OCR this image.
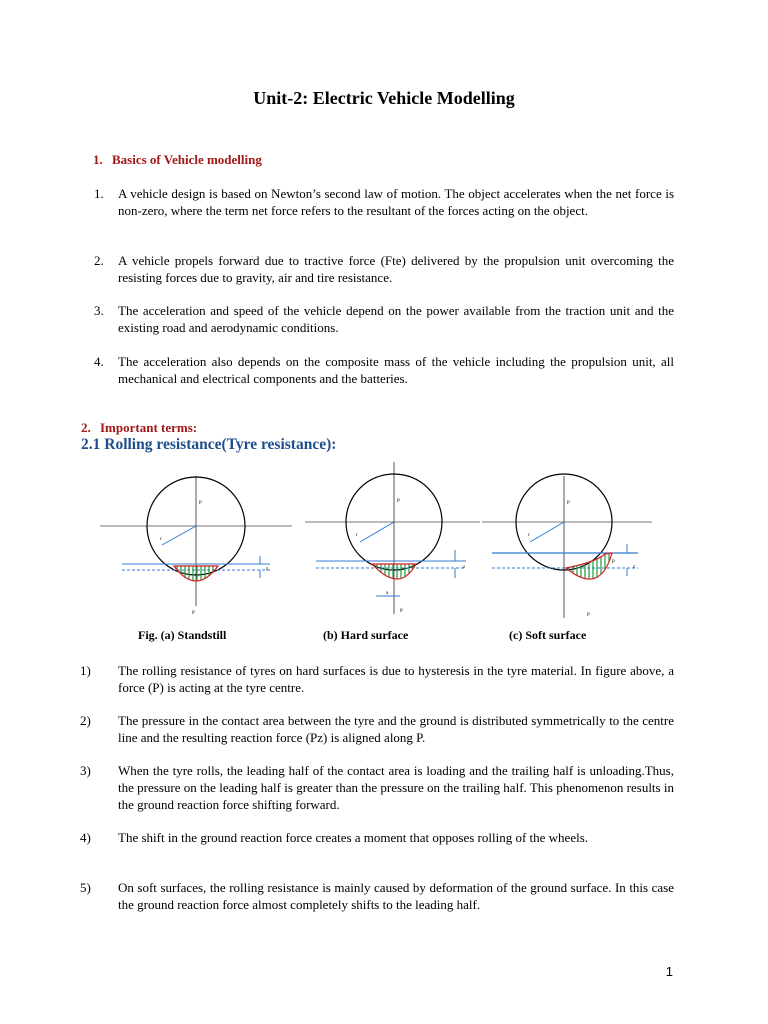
Unit-2: Electric Vehicle Modelling
1. Basics of Vehicle modelling
1.	A vehicle design is based on Newton’s second law of motion. The object accelerates when the net force is non-zero, where the term net force refers to the resultant of the forces acting on the object.
2.	A vehicle propels forward due to tractive force (Fte) delivered by the propulsion unit overcoming the resisting forces due to gravity, air and tire resistance.
3.	The acceleration and speed of the vehicle depend on the power available from the traction unit and the existing road and aerodynamic conditions.
4.	The acceleration also depends on the composite mass of the vehicle including the propulsion unit, all mechanical and electrical components and the batteries.
2. Important terms:
2.1 Rolling resistance(Tyre resistance):
P
r
z
P
P
r
z
a
P
P
r
z
P
P
Fig. (a) Standstill	(b) Hard surface	(c) Soft surface
1)	The rolling resistance of tyres on hard surfaces is due to hysteresis in the tyre material. In figure above, a force (P) is acting at the tyre centre.
2)	The pressure in the contact area between the tyre and the ground is distributed symmetrically to the centre line and the resulting reaction force (Pz) is aligned along P.
3)	When the tyre rolls, the leading half of the contact area is loading and the trailing half is unloading.Thus, the pressure on the leading half is greater than the pressure on the trailing half. This phenomenon results in the ground reaction force shifting forward.
4)	The shift in the ground reaction force creates a moment that opposes rolling of the wheels.
5)	On soft surfaces, the rolling resistance is mainly caused by deformation of the ground surface. In this case the ground reaction force almost completely shifts to the leading half.
1
